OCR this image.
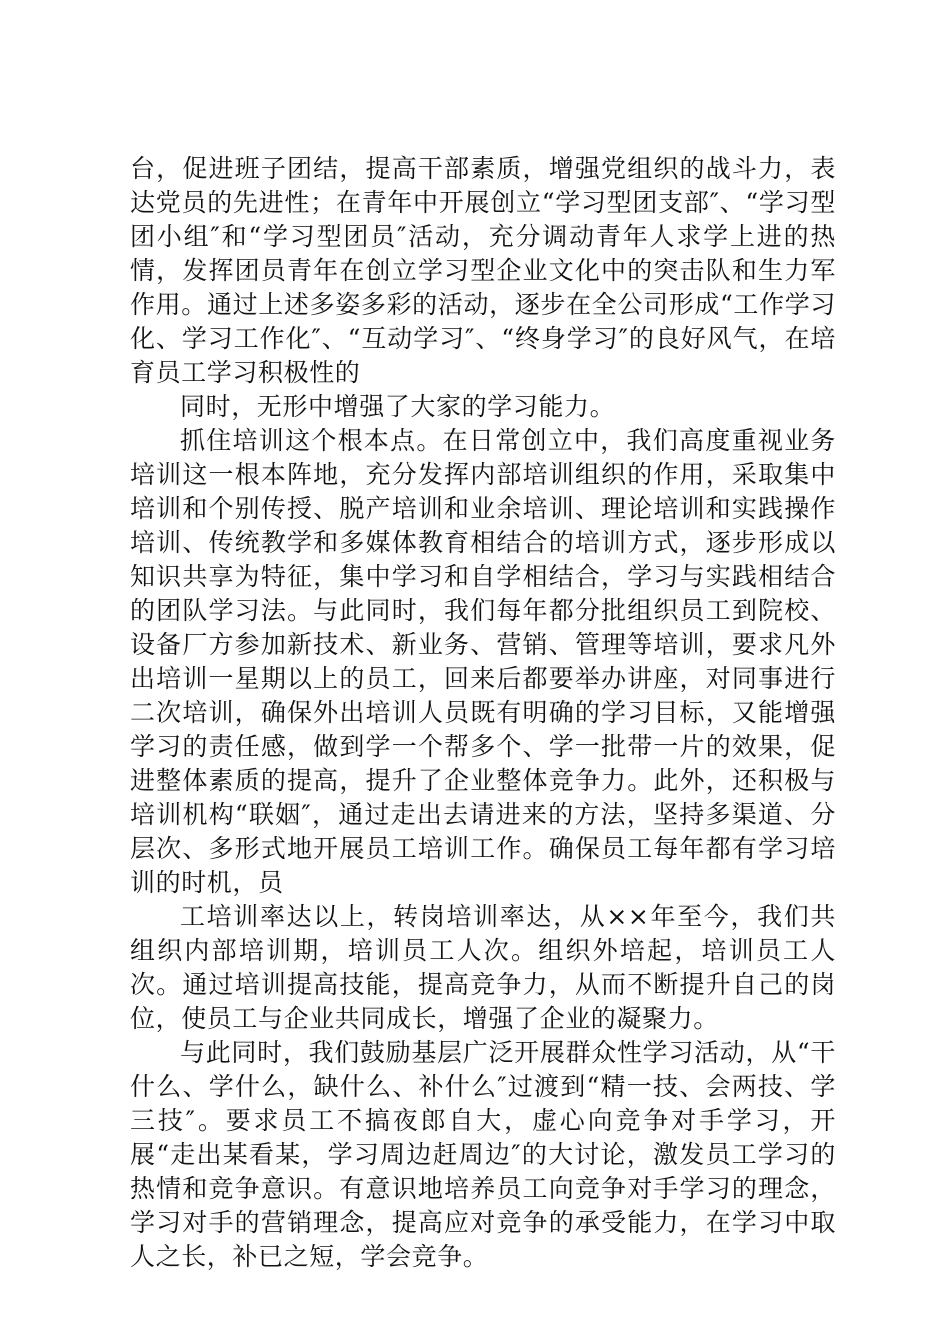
台，促进班子团结，提高干部素质，增强党组织的战斗力，表达党员的先进性；在青年中开展创立“学习型团支部″、“学习型团小组″和“学习型团员″活动，充分调动青年人求学上进的热情，发挥团员青年在创立学习型企业文化中的突击队和生力军作用。通过上述多姿多彩的活动，逐步在全公司形成“工作学习化、学习工作化″、“互动学习″、“终身学习″的良好风气，在培育员工学习积极性的

同时，无形中增强了大家的学习能力。

抓住培训这个根本点。在日常创立中，我们高度重视业务培训这一根本阵地，充分发挥内部培训组织的作用，采取集中培训和个别传授、脱产培训和业余培训、理论培训和实践操作培训、传统教学和多媒体教育相结合的培训方式，逐步形成以知识共享为特征，集中学习和自学相结合，学习与实践相结合的团队学习法。与此同时，我们每年都分批组织员工到院校、设备厂方参加新技术、新业务、营销、管理等培训，要求凡外出培训一星期以上的员工，回来后都要举办讲座，对同事进行二次培训，确保外出培训人员既有明确的学习目标，又能增强学习的责任感，做到学一个帮多个、学一批带一片的效果，促进整体素质的提高，提升了企业整体竞争力。此外，还积极与培训机构“联姻″，通过走出去请进来的方法，坚持多渠道、分层次、多形式地开展员工培训工作。确保员工每年都有学习培训的时机，员

工培训率达以上，转岗培训率达，从××年至今，我们共组织内部培训期，培训员工人次。组织外培起，培训员工人次。通过培训提高技能，提高竞争力，从而不断提升自己的岗位，使员工与企业共同成长，增强了企业的凝聚力。

与此同时，我们鼓励基层广泛开展群众性学习活动，从“干什么、学什么，缺什么、补什么″过渡到“精一技、会两技、学三技″。要求员工不搞夜郎自大，虚心向竞争对手学习，开展“走出某看某，学习周边赶周边″的大讨论，激发员工学习的热情和竞争意识。有意识地培养员工向竞争对手学习的理念，学习对手的营销理念，提高应对竞争的承受能力，在学习中取人之长，补已之短，学会竞争。
